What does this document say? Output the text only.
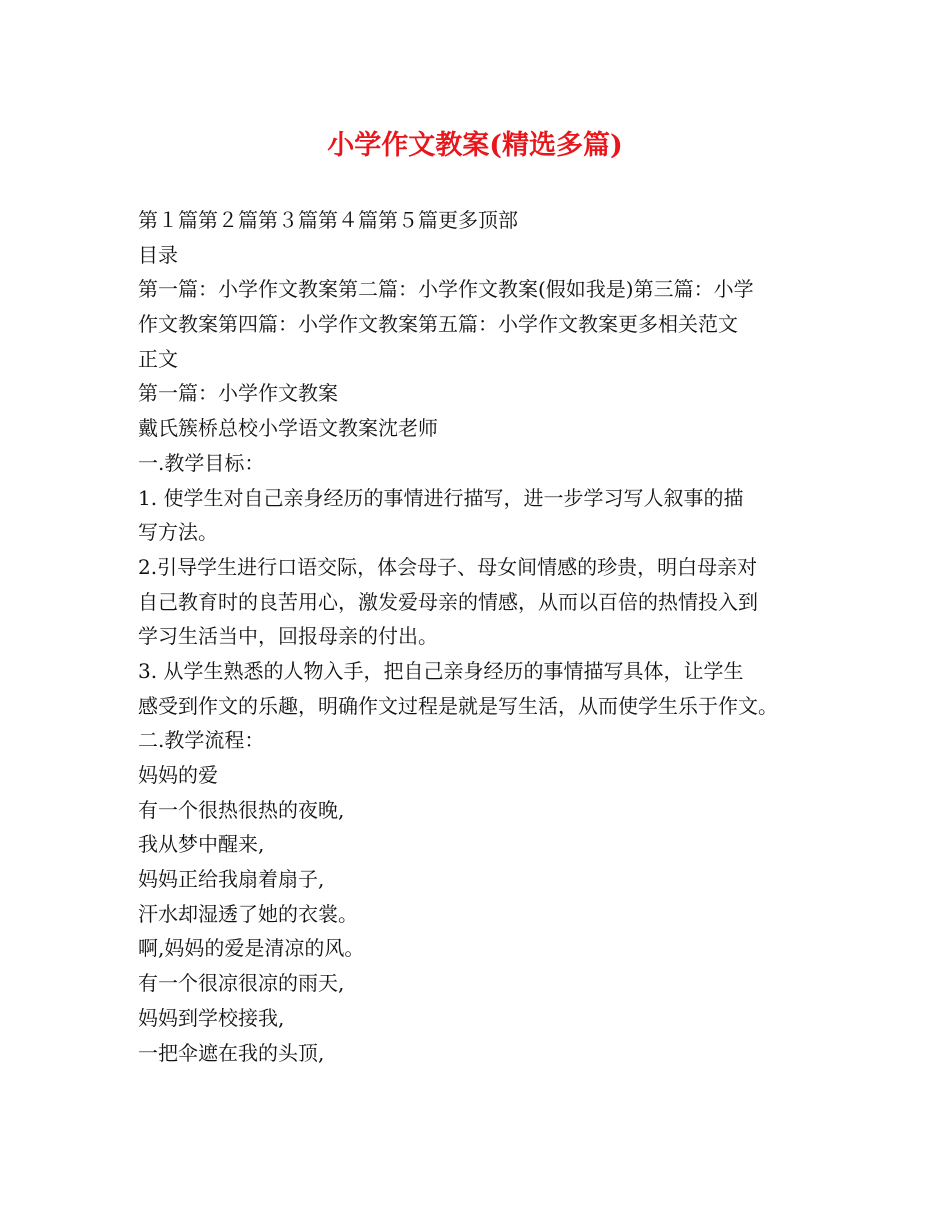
小学作文教案(精选多篇)
第１篇第２篇第３篇第４篇第５篇更多顶部
目录
第一篇：小学作文教案第二篇：小学作文教案(假如我是)第三篇：小学
作文教案第四篇：小学作文教案第五篇：小学作文教案更多相关范文
正文
第一篇：小学作文教案
戴氏簇桥总校小学语文教案沈老师
一.教学目标：
1. 使学生对自己亲身经历的事情进行描写，进一步学习写人叙事的描
写方法。
2.引导学生进行口语交际，体会母子、母女间情感的珍贵，明白母亲对
自己教育时的良苦用心，激发爱母亲的情感，从而以百倍的热情投入到
学习生活当中，回报母亲的付出。
3. 从学生熟悉的人物入手，把自己亲身经历的事情描写具体，让学生
感受到作文的乐趣，明确作文过程是就是写生活，从而使学生乐于作文。
二.教学流程：
妈妈的爱
有一个很热很热的夜晚,
我从梦中醒来,
妈妈正给我扇着扇子,
汗水却湿透了她的衣裳。
啊,妈妈的爱是清凉的风。
有一个很凉很凉的雨天,
妈妈到学校接我,
一把伞遮在我的头顶,
